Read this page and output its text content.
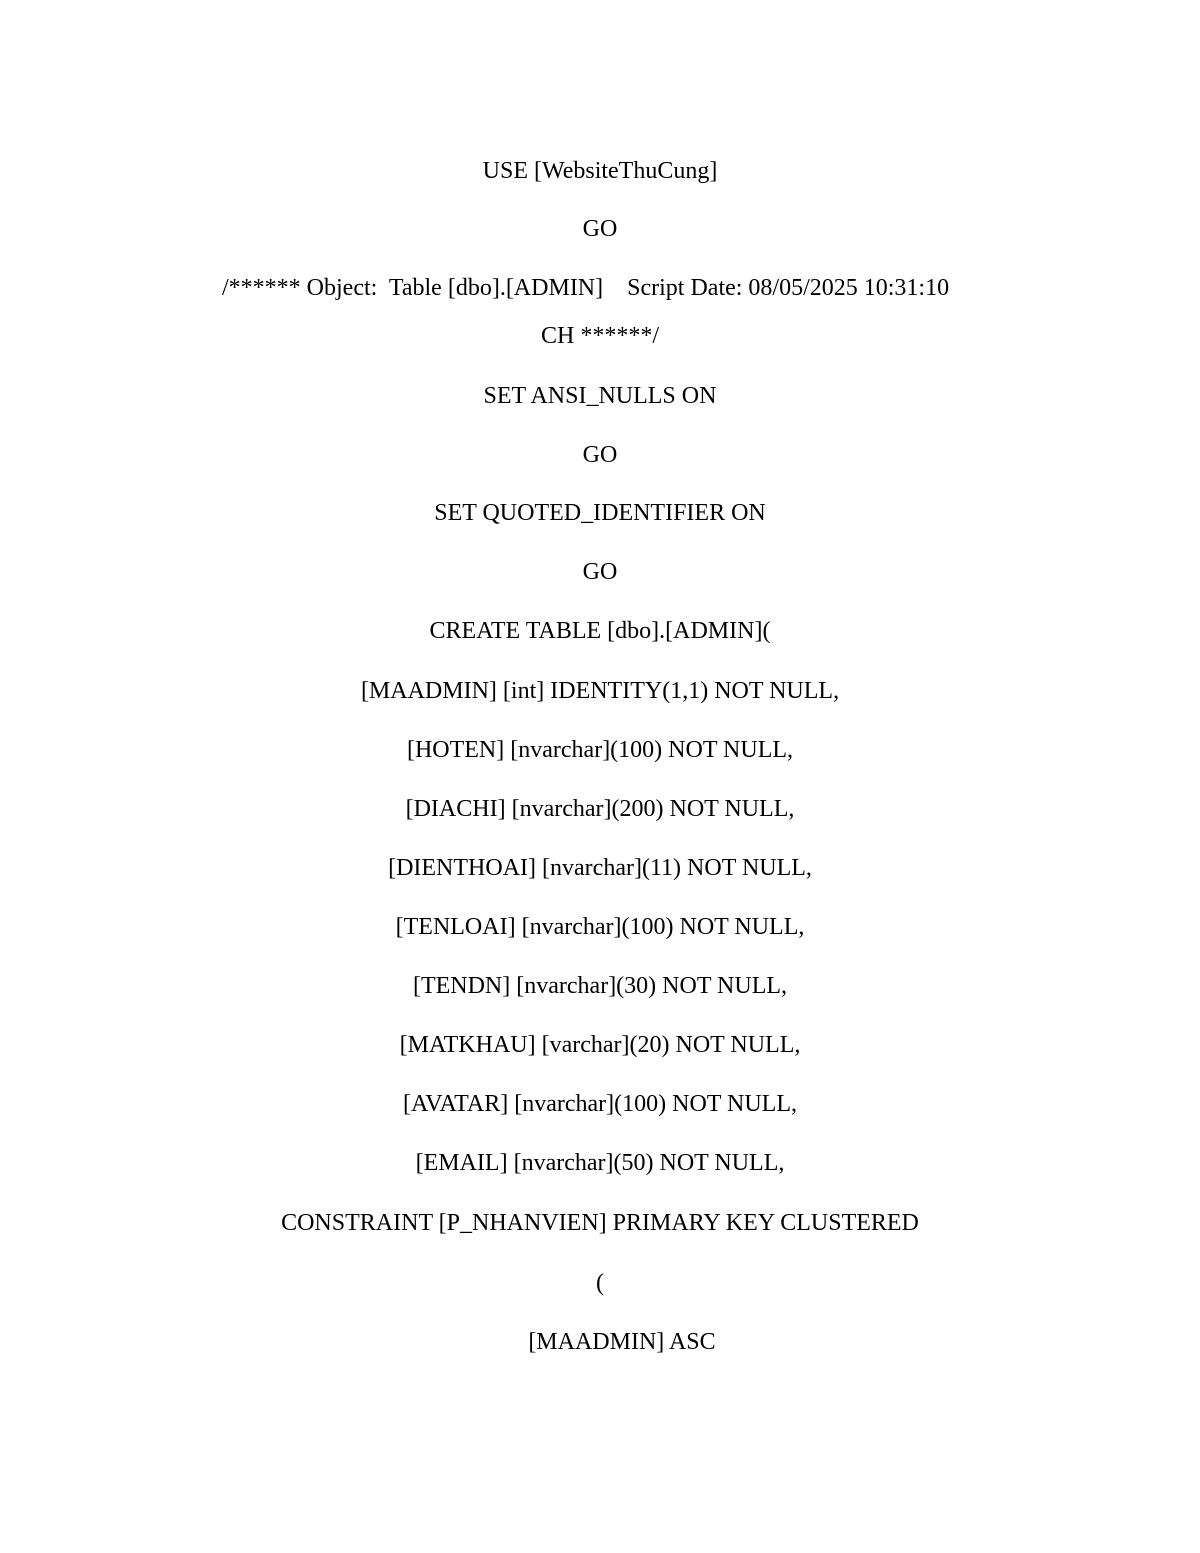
USE [WebsiteThuCung]

GO

/****** Object:  Table [dbo].[ADMIN]    Script Date: 08/05/2025 10:31:10

CH ******/

SET ANSI_NULLS ON

GO

SET QUOTED_IDENTIFIER ON

GO

CREATE TABLE [dbo].[ADMIN](

[MAADMIN] [int] IDENTITY(1,1) NOT NULL,

[HOTEN] [nvarchar](100) NOT NULL,

[DIACHI] [nvarchar](200) NOT NULL,

[DIENTHOAI] [nvarchar](11) NOT NULL,

[TENLOAI] [nvarchar](100) NOT NULL,

[TENDN] [nvarchar](30) NOT NULL,

[MATKHAU] [varchar](20) NOT NULL,

[AVATAR] [nvarchar](100) NOT NULL,

[EMAIL] [nvarchar](50) NOT NULL,

CONSTRAINT [P_NHANVIEN] PRIMARY KEY CLUSTERED

(

[MAADMIN] ASC
